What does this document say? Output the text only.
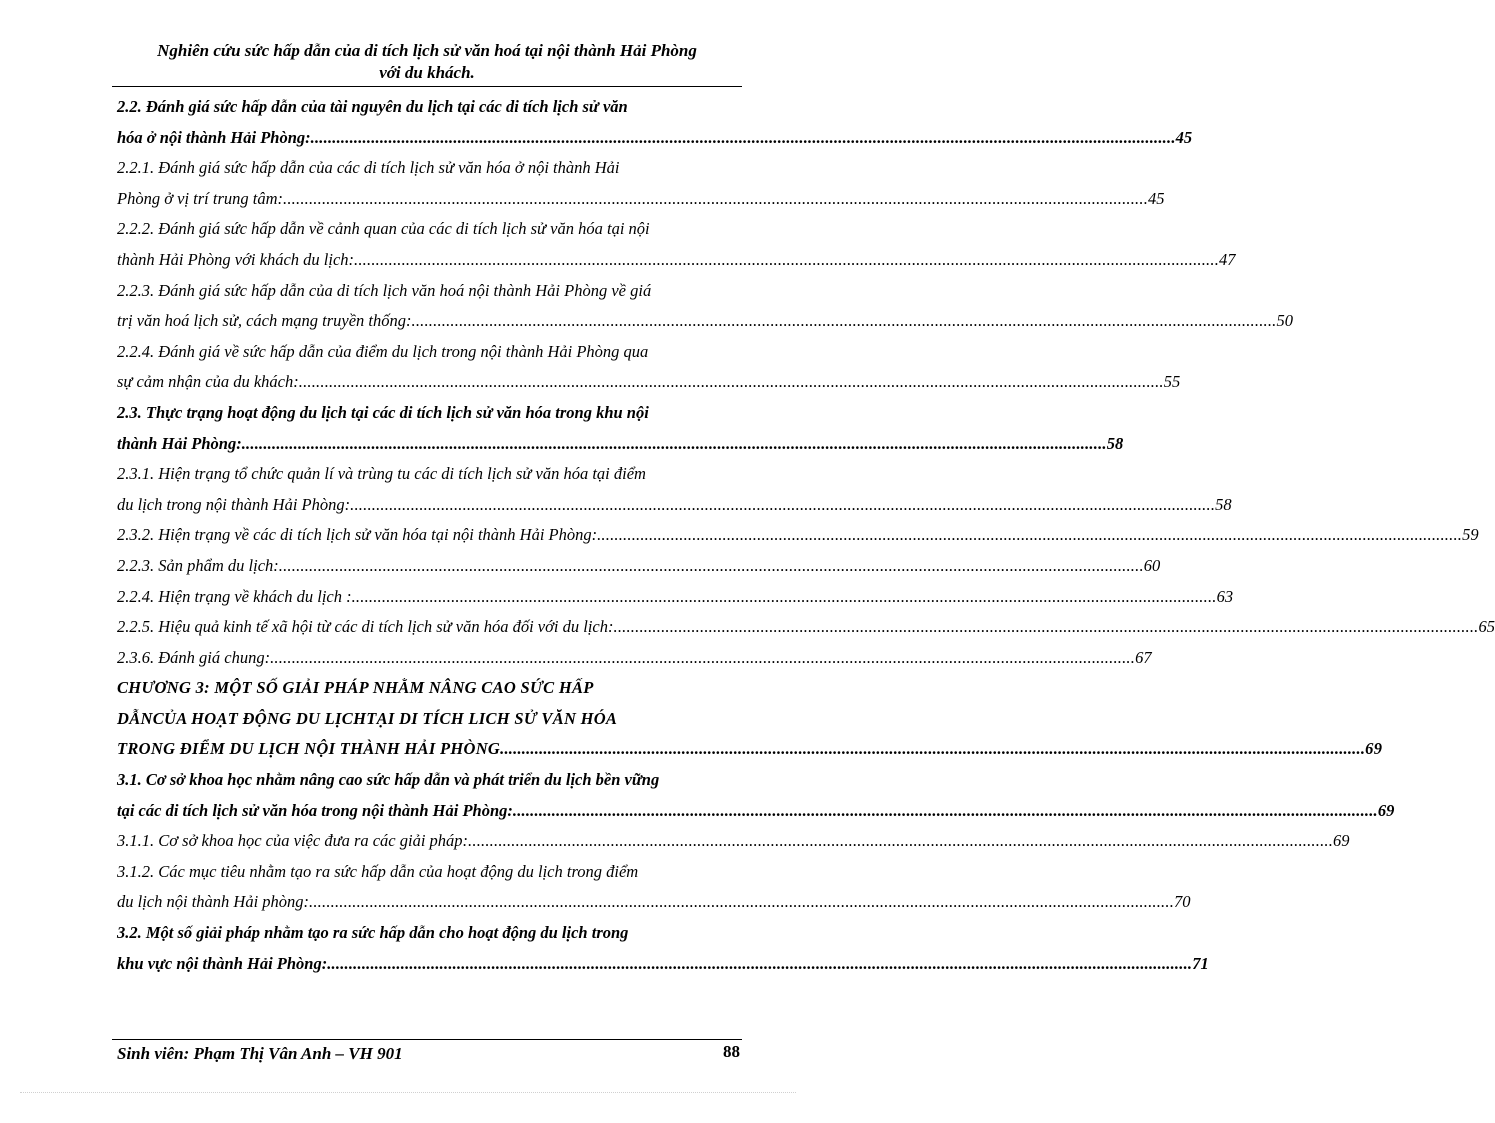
Nghiên cứu sức hấp dẫn của di tích lịch sử văn hoá tại nội thành Hải Phòng
với du khách.
2.2. Đánh giá sức hấp dẫn của tài nguyên du lịch tại các di tích lịch sử văn
hóa ở nội thành Hải Phòng: ........................................................................................................................................................................................................ 45
2.2.1. Đánh giá sức hấp dẫn của các di tích lịch sử văn hóa ở nội thành Hải
Phòng ở vị trí trung tâm: ........................................................................................................................................................................................................ 45
2.2.2. Đánh giá sức hấp dẫn về cảnh quan của các di tích lịch sử văn hóa tại nội
thành Hải Phòng với khách du lịch: ........................................................................................................................................................................................................ 47
2.2.3. Đánh giá sức hấp dẫn của di tích lịch văn hoá nội thành Hải Phòng về giá
trị văn hoá lịch sử, cách mạng truyền thống: ........................................................................................................................................................................................................ 50
2.2.4. Đánh giá về sức hấp dẫn của điểm du lịch trong nội thành Hải Phòng qua
sự cảm nhận của du khách: ........................................................................................................................................................................................................ 55
2.3. Thực trạng hoạt động du lịch tại các di tích lịch sử văn hóa trong khu nội
thành Hải Phòng: ........................................................................................................................................................................................................ 58
2.3.1. Hiện trạng tổ chức quản lí và trùng tu các di tích lịch sử văn hóa tại điểm
du lịch trong nội thành Hải Phòng: ........................................................................................................................................................................................................ 58
2.3.2. Hiện trạng về các di tích lịch sử văn hóa tại nội thành Hải Phòng: ........................................................................................................................................................................................................ 59
2.2.3. Sản phẩm du lịch: ........................................................................................................................................................................................................ 60
2.2.4. Hiện trạng về khách du lịch : ........................................................................................................................................................................................................ 63
2.2.5. Hiệu quả kinh tế xã hội từ các di tích lịch sử văn hóa đối với du lịch: ........................................................................................................................................................................................................ 65
2.3.6. Đánh giá chung: ........................................................................................................................................................................................................ 67
CHƯƠNG 3: MỘT SỐ GIẢI PHÁP NHẰM NÂNG CAO SỨC HẤP
DẪNCỦA HOẠT ĐỘNG DU LỊCHTẠI DI TÍCH LICH SỬ VĂN HÓA
TRONG ĐIỂM DU LỊCH NỘI THÀNH HẢI PHÒNG ........................................................................................................................................................................................................ 69
3.1. Cơ sở khoa học nhằm nâng cao sức hấp dẫn và phát triển du lịch bền vững
tại các di tích lịch sử văn hóa trong nội thành Hải Phòng: ........................................................................................................................................................................................................ 69
3.1.1. Cơ sở khoa học của việc đưa ra các giải pháp: ........................................................................................................................................................................................................ 69
3.1.2. Các mục tiêu nhằm tạo ra sức hấp dẫn của hoạt động du lịch trong điểm
du lịch nội thành Hải phòng: ........................................................................................................................................................................................................ 70
3.2. Một số giải pháp nhằm tạo ra sức hấp dẫn cho hoạt động du lịch trong
khu vực nội thành Hải Phòng: ........................................................................................................................................................................................................ 71
Sinh viên: Phạm Thị Vân Anh – VH 901	88
